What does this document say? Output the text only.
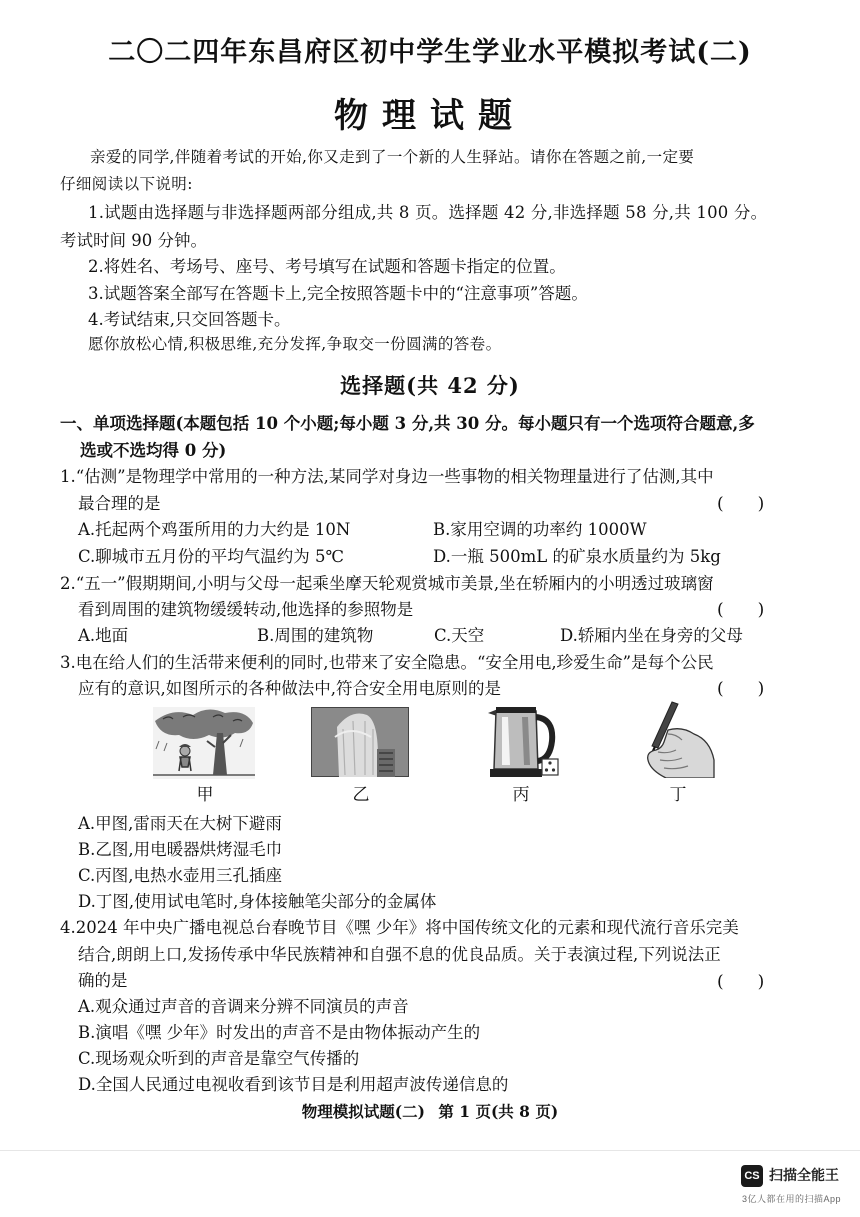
二〇二四年东昌府区初中学生学业水平模拟考试(二)
物理试题
亲爱的同学,伴随着考试的开始,你又走到了一个新的人生驿站。请你在答题之前,一定要
仔细阅读以下说明:
1.试题由选择题与非选择题两部分组成,共 8 页。选择题 42 分,非选择题 58 分,共 100 分。
考试时间 90 分钟。
2.将姓名、考场号、座号、考号填写在试题和答题卡指定的位置。
3.试题答案全部写在答题卡上,完全按照答题卡中的“注意事项”答题。
4.考试结束,只交回答题卡。
愿你放松心情,积极思维,充分发挥,争取交一份圆满的答卷。
选择题(共 42 分)
一、单项选择题(本题包括 10 个小题;每小题 3 分,共 30 分。每小题只有一个选项符合题意,多
选或不选均得 0 分)
1.“估测”是物理学中常用的一种方法,某同学对身边一些事物的相关物理量进行了估测,其中
最合理的是	(　　)
A.托起两个鸡蛋所用的力大约是 10N	B.家用空调的功率约 1000W
C.聊城市五月份的平均气温约为 5℃	D.一瓶 500mL 的矿泉水质量约为 5kg
2.“五一”假期期间,小明与父母一起乘坐摩天轮观赏城市美景,坐在轿厢内的小明透过玻璃窗
看到周围的建筑物缓缓转动,他选择的参照物是	(　　)
A.地面	B.周围的建筑物	C.天空	D.轿厢内坐在身旁的父母
3.电在给人们的生活带来便利的同时,也带来了安全隐患。“安全用电,珍爱生命”是每个公民
应有的意识,如图所示的各种做法中,符合安全用电原则的是	(　　)
甲	乙	丙	丁
A.甲图,雷雨天在大树下避雨
B.乙图,用电暖器烘烤湿毛巾
C.丙图,电热水壶用三孔插座
D.丁图,使用试电笔时,身体接触笔尖部分的金属体
4.2024 年中央广播电视总台春晚节目《嘿 少年》将中国传统文化的元素和现代流行音乐完美
结合,朗朗上口,发扬传承中华民族精神和自强不息的优良品质。关于表演过程,下列说法正
确的是	(　　)
A.观众通过声音的音调来分辨不同演员的声音
B.演唱《嘿 少年》时发出的声音不是由物体振动产生的
C.现场观众听到的声音是靠空气传播的
D.全国人民通过电视收看到该节目是利用超声波传递信息的
物理模拟试题(二) 第 1 页(共 8 页)
CS 扫描全能王
3亿人都在用的扫描App
